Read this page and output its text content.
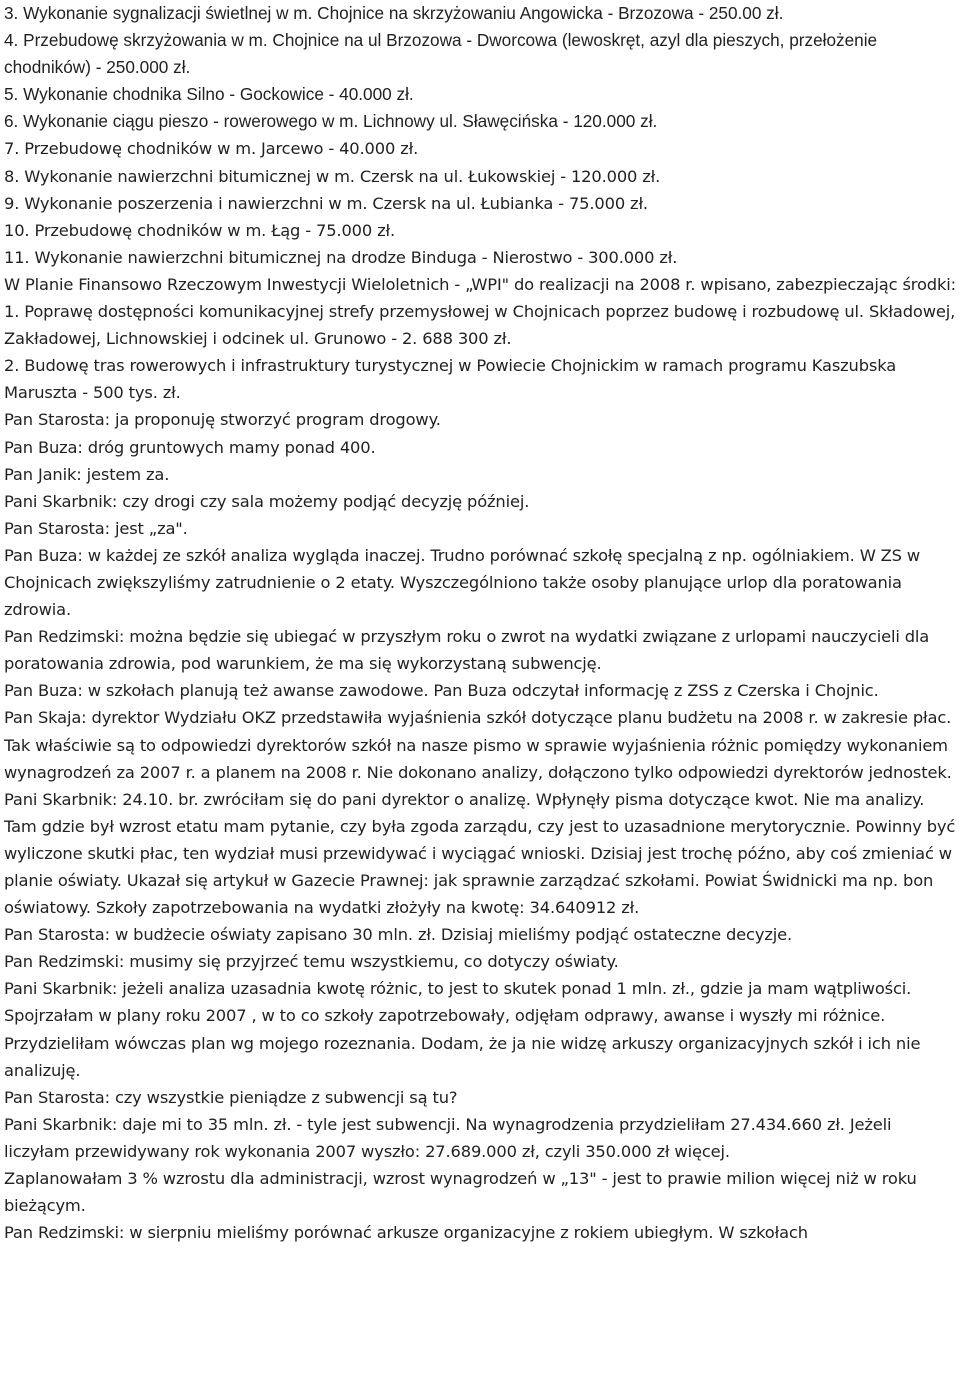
3. Wykonanie sygnalizacji świetlnej w m. Chojnice na skrzyżowaniu Angowicka - Brzozowa - 250.00 zł.

4. Przebudowę skrzyżowania w m. Chojnice na ul Brzozowa - Dworcowa (lewoskręt, azyl dla pieszych, przełożenie chodników) - 250.000 zł.

5. Wykonanie chodnika Silno - Gockowice - 40.000 zł.

6. Wykonanie ciągu pieszo - rowerowego w m. Lichnowy ul. Sławęcińska - 120.000 zł.

7. Przebudowę chodników w m. Jarcewo - 40.000 zł.

8. Wykonanie nawierzchni bitumicznej w m. Czersk na ul. Łukowskiej - 120.000 zł.

9. Wykonanie poszerzenia i nawierzchni w m. Czersk na ul. Łubianka - 75.000 zł.

10. Przebudowę chodników w m. Łąg - 75.000 zł.

11. Wykonanie nawierzchni bitumicznej na drodze Binduga - Nierostwo - 300.000 zł.

W Planie Finansowo Rzeczowym Inwestycji Wieloletnich - „WPI" do realizacji na 2008 r. wpisano, zabezpieczając środki:

1. Poprawę dostępności komunikacyjnej strefy przemysłowej w Chojnicach poprzez budowę i rozbudowę ul. Składowej, Zakładowej, Lichnowskiej i odcinek ul. Grunowo - 2. 688 300 zł.

2. Budowę tras rowerowych i infrastruktury turystycznej w Powiecie Chojnickim w ramach programu Kaszubska Maruszta - 500 tys. zł.

Pan Starosta: ja proponuję stworzyć program drogowy.

Pan Buza: dróg gruntowych mamy ponad 400.

Pan Janik: jestem za.

Pani Skarbnik: czy drogi czy sala możemy podjąć decyzję później.

Pan Starosta: jest „za".

Pan Buza: w każdej ze szkół analiza wygląda inaczej. Trudno porównać szkołę specjalną z np. ogólniakiem. W ZS w Chojnicach zwiększyliśmy zatrudnienie o 2 etaty. Wyszczególniono także osoby planujące urlop dla poratowania zdrowia.

Pan Redzimski: można będzie się ubiegać w przyszłym roku o zwrot na wydatki związane z urlopami nauczycieli dla poratowania zdrowia, pod warunkiem, że ma się wykorzystaną subwencję.

Pan Buza: w szkołach planują też awanse zawodowe. Pan Buza odczytał informację z ZSS z Czerska i Chojnic.

Pan Skaja: dyrektor Wydziału OKZ przedstawiła wyjaśnienia szkół dotyczące planu budżetu na 2008 r. w zakresie płac. Tak właściwie są to odpowiedzi dyrektorów szkół na nasze pismo w sprawie wyjaśnienia różnic pomiędzy wykonaniem wynagrodzeń za 2007 r. a planem na 2008 r. Nie dokonano analizy, dołączono tylko odpowiedzi dyrektorów jednostek.

Pani Skarbnik: 24.10. br. zwróciłam się do pani dyrektor o analizę. Wpłynęły pisma dotyczące kwot. Nie ma analizy. Tam gdzie był wzrost etatu mam pytanie, czy była zgoda zarządu, czy jest to uzasadnione merytorycznie. Powinny być wyliczone skutki płac, ten wydział musi przewidywać i wyciągać wnioski. Dzisiaj jest trochę późno, aby coś zmieniać w planie oświaty. Ukazał się artykuł w Gazecie Prawnej: jak sprawnie zarządzać szkołami. Powiat Świdnicki ma np. bon oświatowy. Szkoły zapotrzebowania na wydatki złożyły na kwotę: 34.640912 zł.

Pan Starosta: w budżecie oświaty zapisano 30 mln. zł. Dzisiaj mieliśmy podjąć ostateczne decyzje.

Pan Redzimski: musimy się przyjrzeć temu wszystkiemu, co dotyczy oświaty.

Pani Skarbnik: jeżeli analiza uzasadnia kwotę różnic, to jest to skutek ponad 1 mln. zł., gdzie ja mam wątpliwości. Spojrzałam w plany roku 2007 , w to co szkoły zapotrzebowały, odjęłam odprawy, awanse i wyszły mi różnice. Przydzieliłam wówczas plan wg mojego rozeznania. Dodam, że ja nie widzę arkuszy organizacyjnych szkół i ich nie analizuję.

Pan Starosta: czy wszystkie pieniądze z subwencji są tu?

Pani Skarbnik: daje mi to 35 mln. zł. - tyle jest subwencji. Na wynagrodzenia przydzieliłam 27.434.660 zł. Jeżeli liczyłam przewidywany rok wykonania 2007 wyszło: 27.689.000 zł, czyli 350.000 zł więcej.

Zaplanowałam 3 % wzrostu dla administracji, wzrost wynagrodzeń w „13" - jest to prawie milion więcej niż w roku bieżącym.

Pan Redzimski: w sierpniu mieliśmy porównać arkusze organizacyjne z rokiem ubiegłym. W szkołach
